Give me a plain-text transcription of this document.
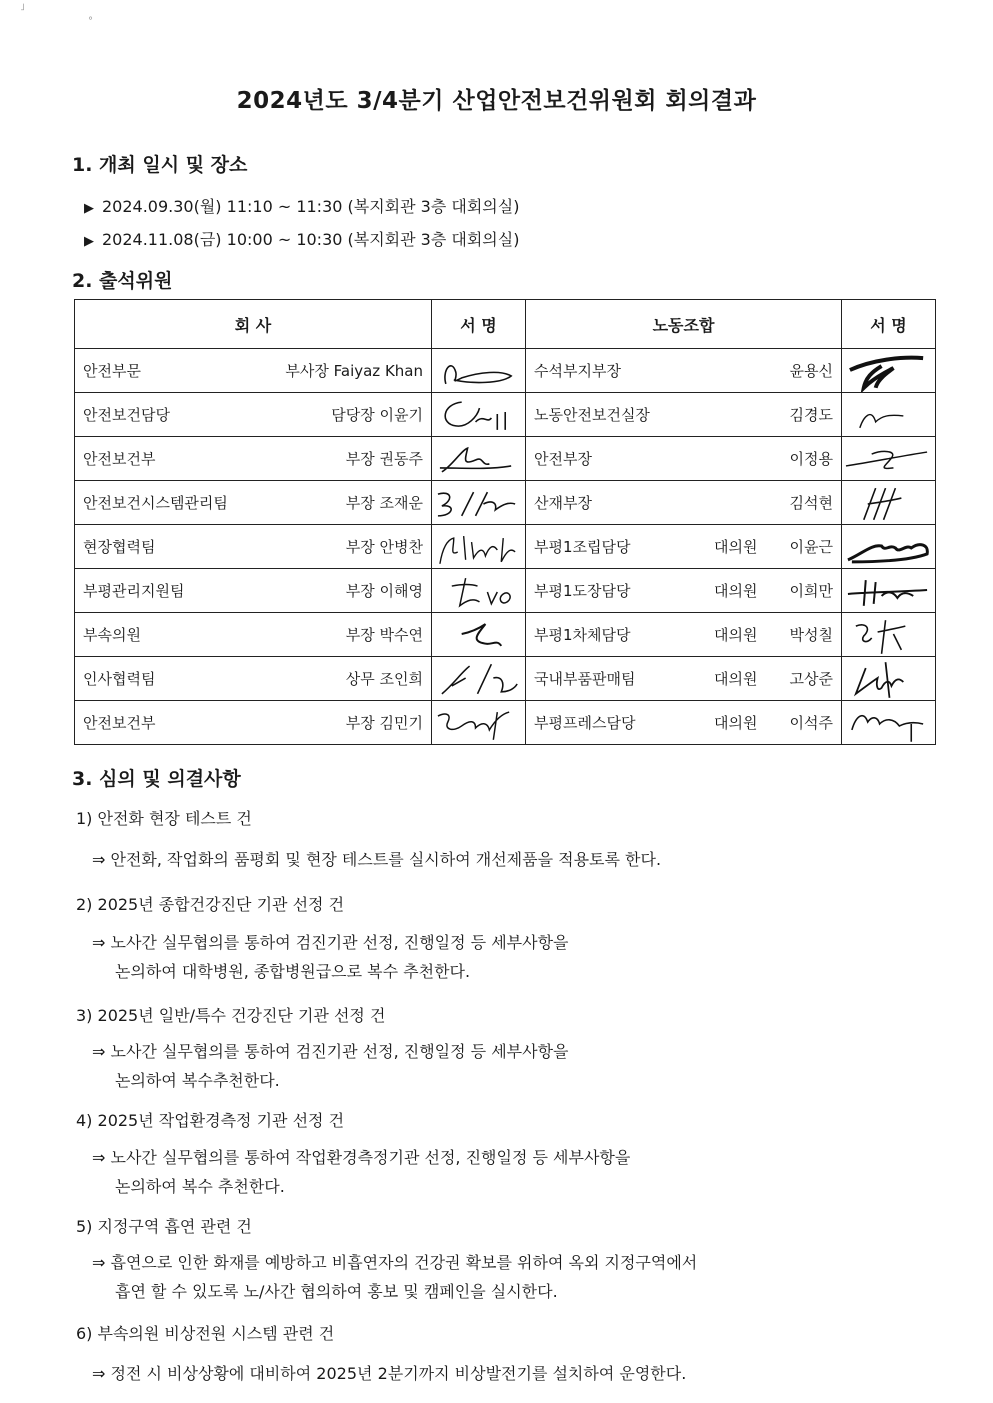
˩
°
2024년도 3/4분기 산업안전보건위원회 회의결과
1. 개최 일시 및 장소
▶ 2024.09.30(월) 11:10 ~ 11:30 (복지회관 3층 대회의실)
▶ 2024.11.08(금) 10:00 ~ 10:30 (복지회관 3층 대회의실)
2. 출석위원
회 사	서 명	노동조합	서 명

안전부문 부사장 Faiyaz Khan		수석부지부장 윤용신

안전보건담당 담당장 이윤기		노동안전보건실장 김경도

안전보건부 부장 권동주		안전부장 이정용

안전보건시스템관리팀 부장 조재운		산재부장 김석현

현장협력팀 부장 안병찬		부평1조립담당 대의원 이윤근

부평관리지원팀 부장 이해영		부평1도장담당 대의원 이희만

부속의원 부장 박수연		부평1차체담당 대의원 박성칠

인사협력팀 상무 조인희		국내부품판매팀 대의원 고상준

안전보건부 부장 김민기		부평프레스담당 대의원 이석주

3. 심의 및 의결사항
1) 안전화 현장 테스트 건
⇒ 안전화, 작업화의 품평회 및 현장 테스트를 실시하여 개선제품을 적용토록 한다.
2) 2025년 종합건강진단 기관 선정 건
⇒ 노사간 실무협의를 통하여 검진기관 선정, 진행일정 등 세부사항을
논의하여 대학병원, 종합병원급으로 복수 추천한다.
3) 2025년 일반/특수 건강진단 기관 선정 건
⇒ 노사간 실무협의를 통하여 검진기관 선정, 진행일정 등 세부사항을
논의하여 복수추천한다.
4) 2025년 작업환경측정 기관 선정 건
⇒ 노사간 실무협의를 통하여 작업환경측정기관 선정, 진행일정 등 세부사항을
논의하여 복수 추천한다.
5) 지정구역 흡연 관련 건
⇒ 흡연으로 인한 화재를 예방하고 비흡연자의 건강권 확보를 위하여 옥외 지정구역에서
흡연 할 수 있도록 노/사간 협의하여 홍보 및 캠페인을 실시한다.
6) 부속의원 비상전원 시스템 관련 건
⇒ 정전 시 비상상황에 대비하여 2025년 2분기까지 비상발전기를 설치하여 운영한다.
